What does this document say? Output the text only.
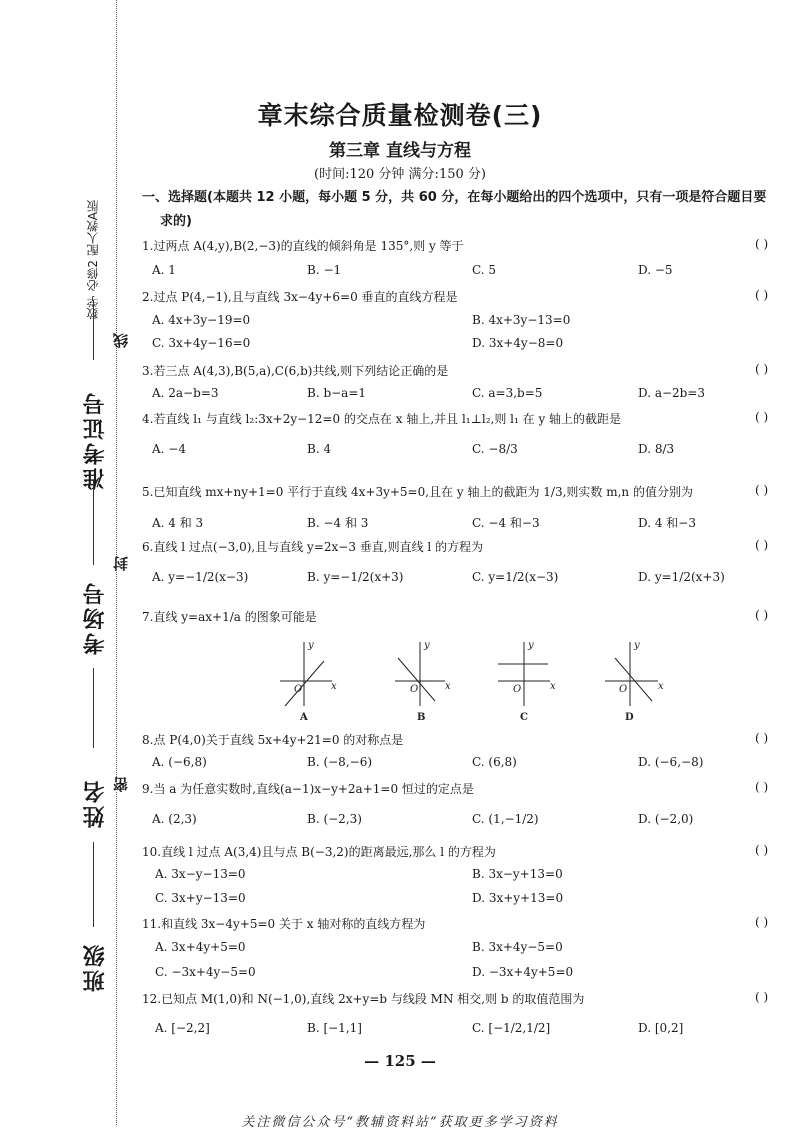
数学 必修2 配人教A版
准考证号
考场号
姓名
班级
线
封
密
章末综合质量检测卷(三)
第三章 直线与方程
(时间:120 分钟 满分:150 分)
一、选择题(本题共 12 小题，每小题 5 分，共 60 分，在每小题给出的四个选项中，只有一项是符合题目要
求的)
1.过两点 A(4,y),B(2,−3)的直线的倾斜角是 135°,则 y 等于	( )
A. 1	B. −1	C. 5	D. −5
2.过点 P(4,−1),且与直线 3x−4y+6=0 垂直的直线方程是	( )
A. 4x+3y−19=0	B. 4x+3y−13=0
C. 3x+4y−16=0	D. 3x+4y−8=0
3.若三点 A(4,3),B(5,a),C(6,b)共线,则下列结论正确的是	( )
A. 2a−b=3	B. b−a=1	C. a=3,b=5	D. a−2b=3
4.若直线 l₁ 与直线 l₂:3x+2y−12=0 的交点在 x 轴上,并且 l₁⊥l₂,则 l₁ 在 y 轴上的截距是	( )
A. −4	B. 4	C. −8/3	D. 8/3
5.已知直线 mx+ny+1=0 平行于直线 4x+3y+5=0,且在 y 轴上的截距为 1/3,则实数 m,n 的值分别为	( )
A. 4 和 3	B. −4 和 3	C. −4 和−3	D. 4 和−3
6.直线 l 过点(−3,0),且与直线 y=2x−3 垂直,则直线 l 的方程为	( )
A. y=−1/2(x−3)	B. y=−1/2(x+3)	C. y=1/2(x−3)	D. y=1/2(x+3)
7.直线 y=ax+1/a 的图象可能是	( )
y
x
O
y
x
O
y
x
O
y
x
O
A	B	C	D
8.点 P(4,0)关于直线 5x+4y+21=0 的对称点是	( )
A. (−6,8)	B. (−8,−6)	C. (6,8)	D. (−6,−8)
9.当 a 为任意实数时,直线(a−1)x−y+2a+1=0 恒过的定点是	( )
A. (2,3)	B. (−2,3)	C. (1,−1/2)	D. (−2,0)
10.直线 l 过点 A(3,4)且与点 B(−3,2)的距离最远,那么 l 的方程为	( )
A. 3x−y−13=0	B. 3x−y+13=0
C. 3x+y−13=0	D. 3x+y+13=0
11.和直线 3x−4y+5=0 关于 x 轴对称的直线方程为	( )
A. 3x+4y+5=0	B. 3x+4y−5=0
C. −3x+4y−5=0	D. −3x+4y+5=0
12.已知点 M(1,0)和 N(−1,0),直线 2x+y=b 与线段 MN 相交,则 b 的取值范围为	( )
A. [−2,2]	B. [−1,1]	C. [−1/2,1/2]	D. [0,2]
— 125 —
关注微信公众号“教辅资料站”获取更多学习资料
